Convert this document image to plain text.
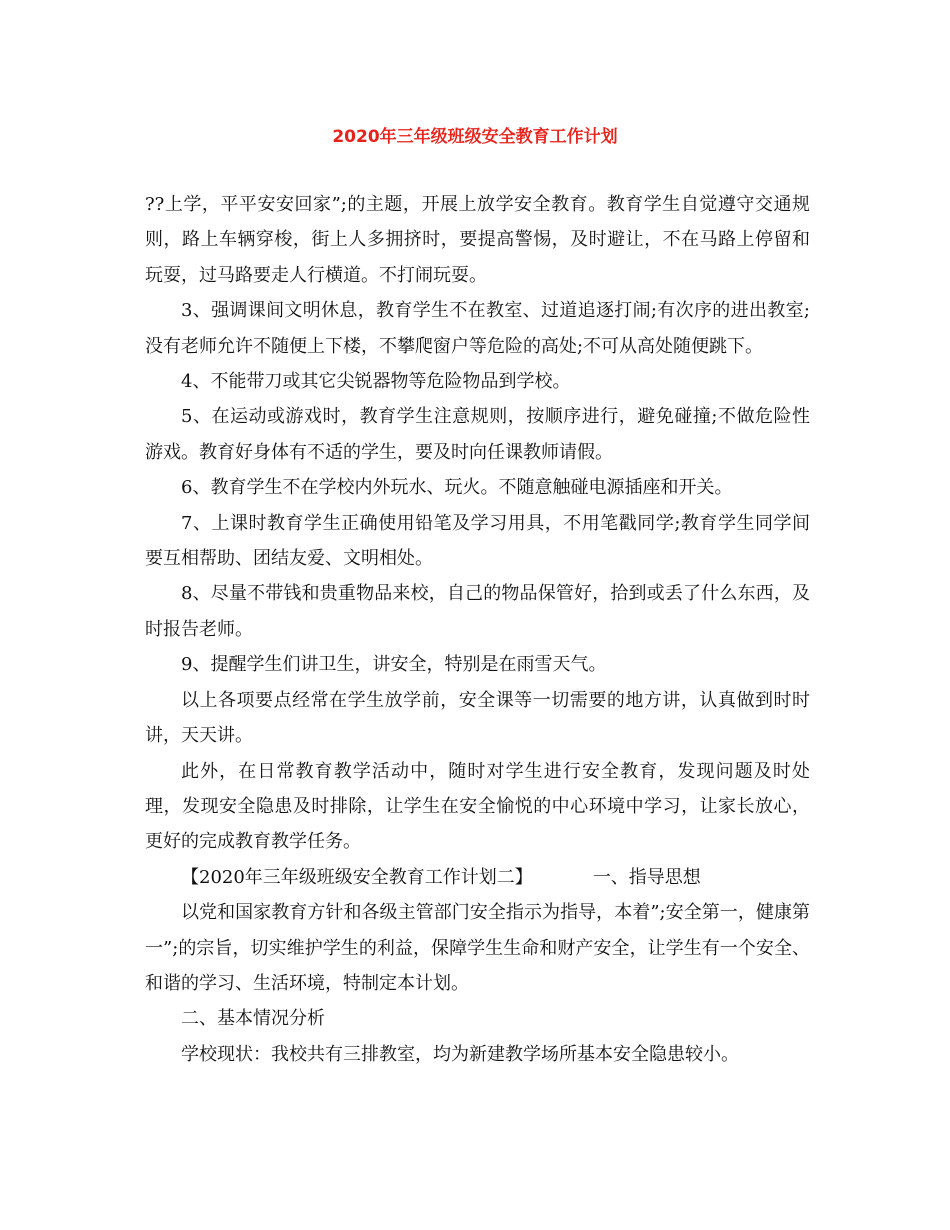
2020年三年级班级安全教育工作计划

??上学，平平安安回家”;的主题，开展上放学安全教育。教育学生自觉遵守交通规则，路上车辆穿梭，街上人多拥挤时，要提高警惕，及时避让，不在马路上停留和玩耍，过马路要走人行横道。不打闹玩耍。

3、强调课间文明休息，教育学生不在教室、过道追逐打闹;有次序的进出教室;没有老师允许不随便上下楼，不攀爬窗户等危险的高处;不可从高处随便跳下。

4、不能带刀或其它尖锐器物等危险物品到学校。

5、在运动或游戏时，教育学生注意规则，按顺序进行，避免碰撞;不做危险性游戏。教育好身体有不适的学生，要及时向任课教师请假。

6、教育学生不在学校内外玩水、玩火。不随意触碰电源插座和开关。

7、上课时教育学生正确使用铅笔及学习用具，不用笔戳同学;教育学生同学间要互相帮助、团结友爱、文明相处。

8、尽量不带钱和贵重物品来校，自己的物品保管好，拾到或丢了什么东西，及时报告老师。

9、提醒学生们讲卫生，讲安全，特别是在雨雪天气。

以上各项要点经常在学生放学前，安全课等一切需要的地方讲，认真做到时时讲，天天讲。

此外，在日常教育教学活动中，随时对学生进行安全教育，发现问题及时处理，发现安全隐患及时排除，让学生在安全愉悦的中心环境中学习，让家长放心，更好的完成教育教学任务。

【2020年三年级班级安全教育工作计划二】	一、指导思想

以党和国家教育方针和各级主管部门安全指示为指导，本着”;安全第一，健康第一”;的宗旨，切实维护学生的利益，保障学生生命和财产安全，让学生有一个安全、和谐的学习、生活环境，特制定本计划。

二、基本情况分析

学校现状：我校共有三排教室，均为新建教学场所基本安全隐患较小。
